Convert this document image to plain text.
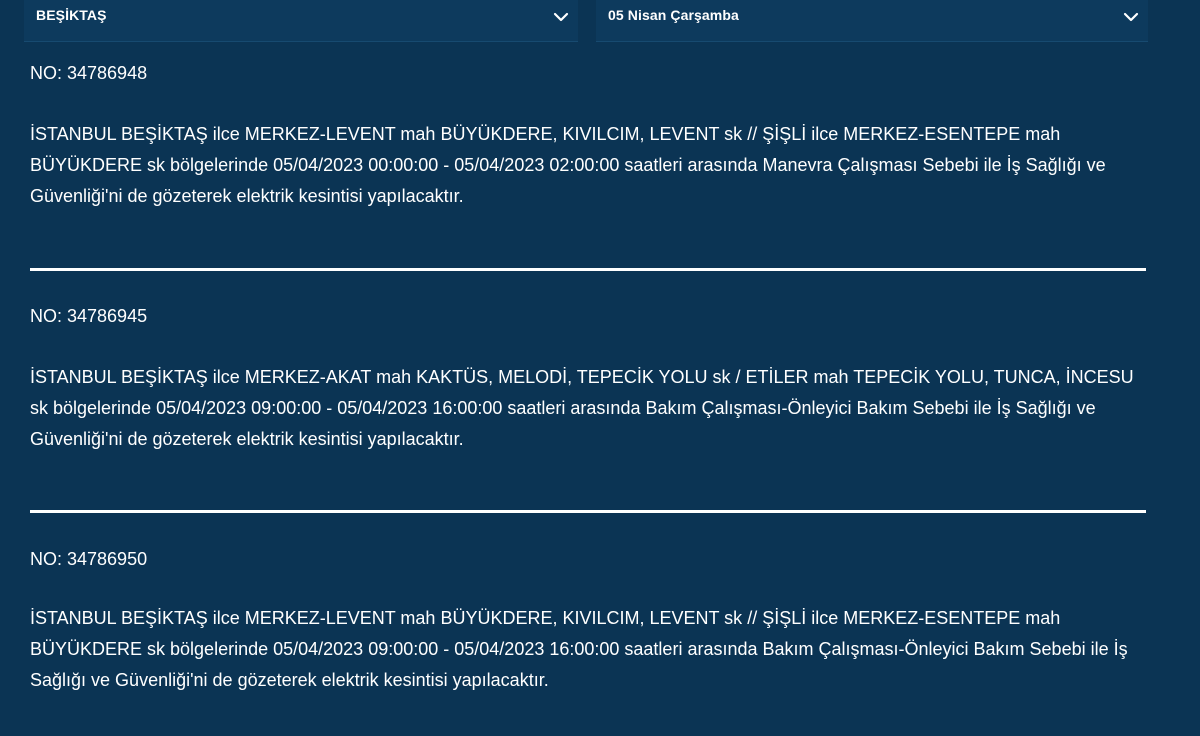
BEŞİKTAŞ	05 Nisan Çarşamba
NO: 34786948

İSTANBUL BEŞİKTAŞ ilce MERKEZ-LEVENT mah BÜYÜKDERE, KIVILCIM, LEVENT sk // ŞİŞLİ ilce MERKEZ-ESENTEPE mah BÜYÜKDERE sk bölgelerinde 05/04/2023 00:00:00 - 05/04/2023 02:00:00 saatleri arasında Manevra Çalışması Sebebi ile İş Sağlığı ve Güvenliği'ni de gözeterek elektrik kesintisi yapılacaktır.

NO: 34786945

İSTANBUL BEŞİKTAŞ ilce MERKEZ-AKAT mah KAKTÜS, MELODİ, TEPECİK YOLU sk / ETİLER mah TEPECİK YOLU, TUNCA, İNCESU sk bölgelerinde 05/04/2023 09:00:00 - 05/04/2023 16:00:00 saatleri arasında Bakım Çalışması-Önleyici Bakım Sebebi ile İş Sağlığı ve Güvenliği'ni de gözeterek elektrik kesintisi yapılacaktır.

NO: 34786950

İSTANBUL BEŞİKTAŞ ilce MERKEZ-LEVENT mah BÜYÜKDERE, KIVILCIM, LEVENT sk // ŞİŞLİ ilce MERKEZ-ESENTEPE mah BÜYÜKDERE sk bölgelerinde 05/04/2023 09:00:00 - 05/04/2023 16:00:00 saatleri arasında Bakım Çalışması-Önleyici Bakım Sebebi ile İş Sağlığı ve Güvenliği'ni de gözeterek elektrik kesintisi yapılacaktır.
